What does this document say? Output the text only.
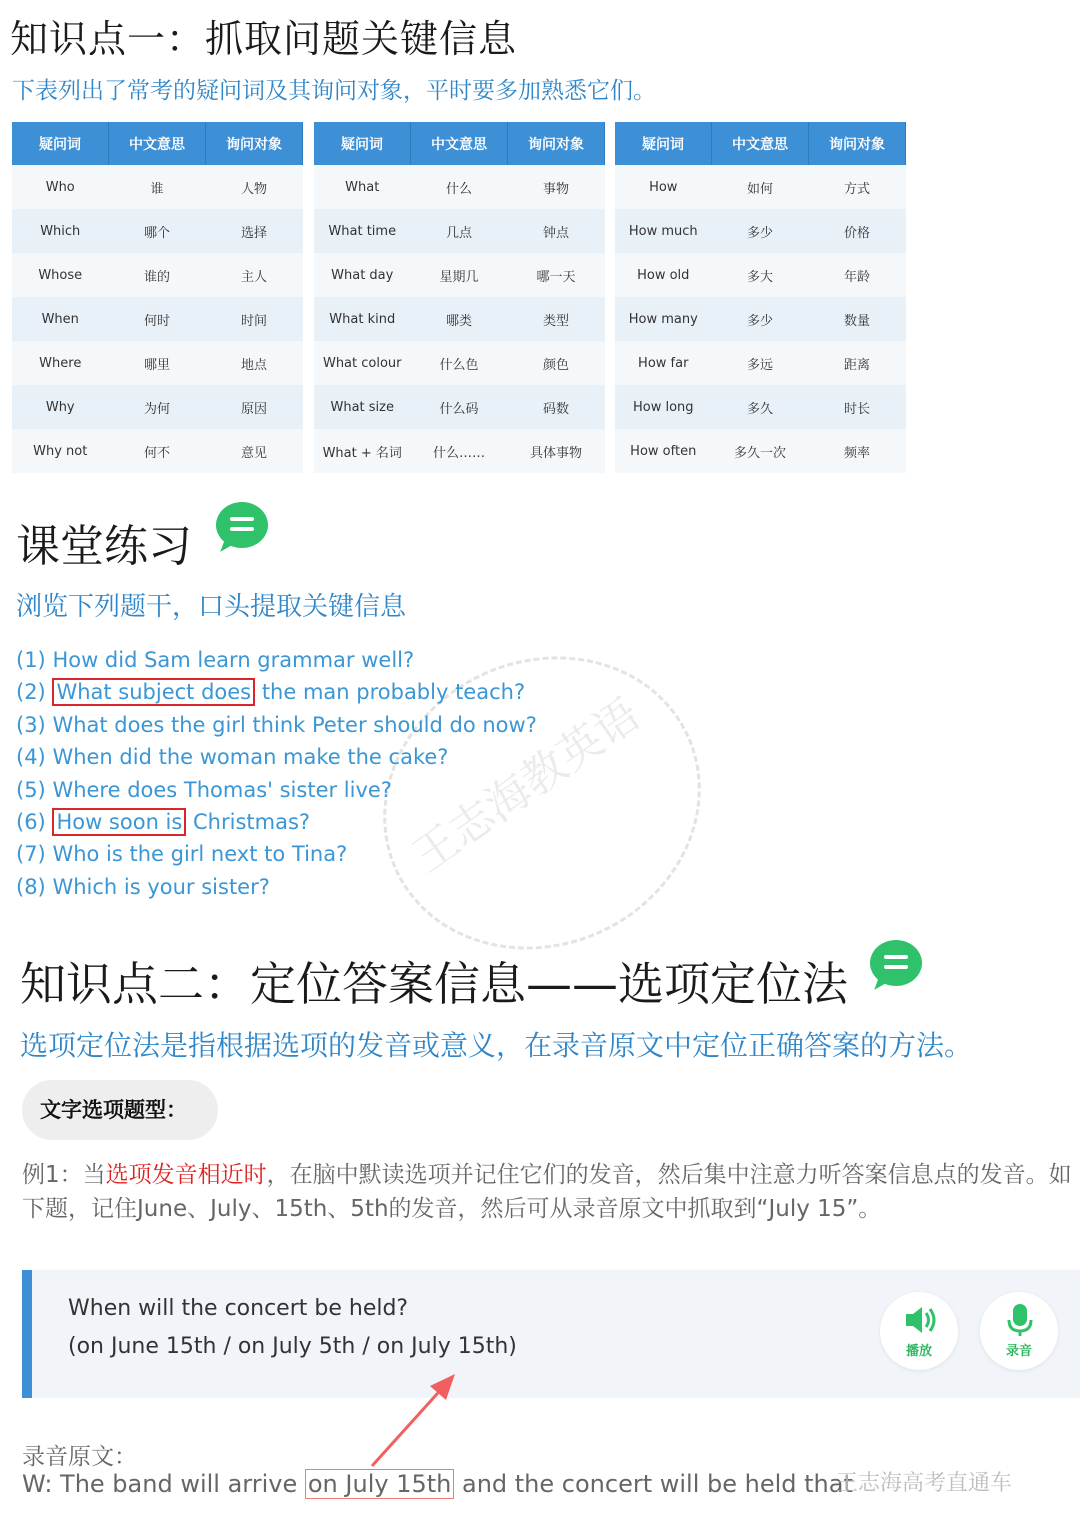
知识点一：抓取问题关键信息
下表列出了常考的疑问词及其询问对象，平时要多加熟悉它们。
疑问词	中文意思	询问对象
Who	谁	人物
Which	哪个	选择
Whose	谁的	主人
When	何时	时间
Where	哪里	地点
Why	为何	原因
Why not	何不	意见
疑问词	中文意思	询问对象
What	什么	事物
What time	几点	钟点
What day	星期几	哪一天
What kind	哪类	类型
What colour	什么色	颜色
What size	什么码	码数
What + 名词	什么……	具体事物
疑问词	中文意思	询问对象
How	如何	方式
How much	多少	价格
How old	多大	年龄
How many	多少	数量
How far	多远	距离
How long	多久	时长
How often	多久一次	频率
课堂练习
浏览下列题干，口头提取关键信息
王志海教英语
(1) How did Sam learn grammar well?
(2) What subject does the man probably teach?
(3) What does the girl think Peter should do now?
(4) When did the woman make the cake?
(5) Where does Thomas' sister live?
(6) How soon is Christmas?
(7) Who is the girl next to Tina?
(8) Which is your sister?
知识点二：定位答案信息——选项定位法
选项定位法是指根据选项的发音或意义，在录音原文中定位正确答案的方法。
文字选项题型：
例1：当选项发音相近时，在脑中默读选项并记住它们的发音，然后集中注意力听答案信息点的发音。如下题，记住June、July、15th、5th的发音，然后可从录音原文中抓取到“July 15”。
When will the concert be held?
(on June 15th / on July 5th / on July 15th)	播放	录音
录音原文：
W: The band will arrive on July 15th and the concert will be held that
王志海高考直通车
